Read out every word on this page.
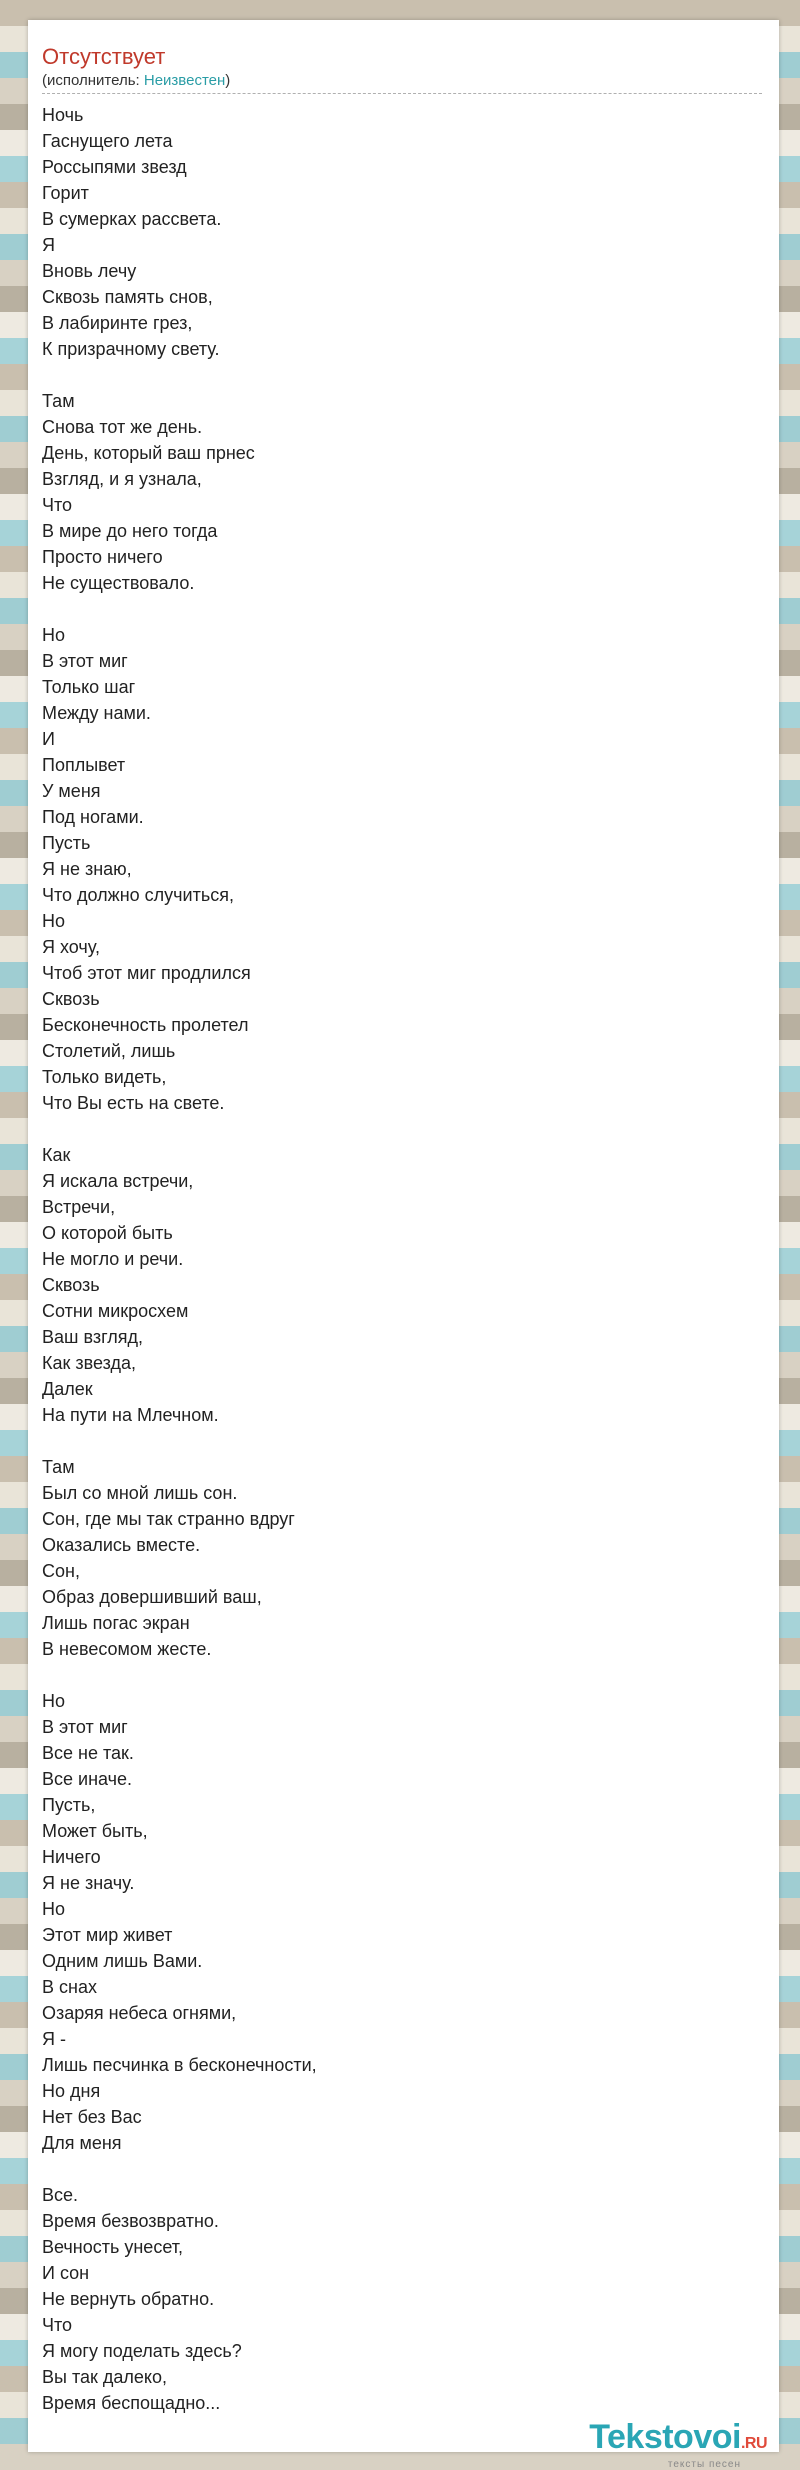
Отсутствует
(исполнитель: Неизвестен)
Ночь
Гаснущего лета
Россыпями звезд
Горит
В сумерках рассвета.
Я
Вновь лечу
Сквозь память снов,
В лабиринте грез,
К призрачному свету.
Там
Снова тот же день.
День, который ваш прнес
Взгляд, и я узнала,
Что
В мире до него тогда
Просто ничего
Не существовало.
Но
В этот миг
Только шаг
Между нами.
И
Поплывет
У меня
Под ногами.
Пусть
Я не знаю,
Что должно случиться,
Но
Я хочу,
Чтоб этот миг продлился
Сквозь
Бесконечность пролетел
Столетий, лишь
Только видеть,
Что Вы есть на свете.
Как
Я искала встречи,
Встречи,
О которой быть
Не могло и речи.
Сквозь
Сотни микросхем
Ваш взгляд,
Как звезда,
Далек
На пути на Млечном.
Там
Был со мной лишь сон.
Сон, где мы так странно вдруг
Оказались вместе.
Сон,
Образ довершивший ваш,
Лишь погас экран
В невесомом жесте.
Но
В этот миг
Все не так.
Все иначе.
Пусть,
Может быть,
Ничего
Я не значу.
Но
Этот мир живет
Одним лишь Вами.
В снах
Озаряя небеса огнями,
Я -
Лишь песчинка в бесконечности,
Но дня
Нет без Вас
Для меня
Все.
Время безвозвратно.
Вечность унесет,
И сон
Не вернуть обратно.
Что
Я могу поделать здесь?
Вы так далеко,
Время беспощадно...
Tekstovoi.RU
тексты песен
